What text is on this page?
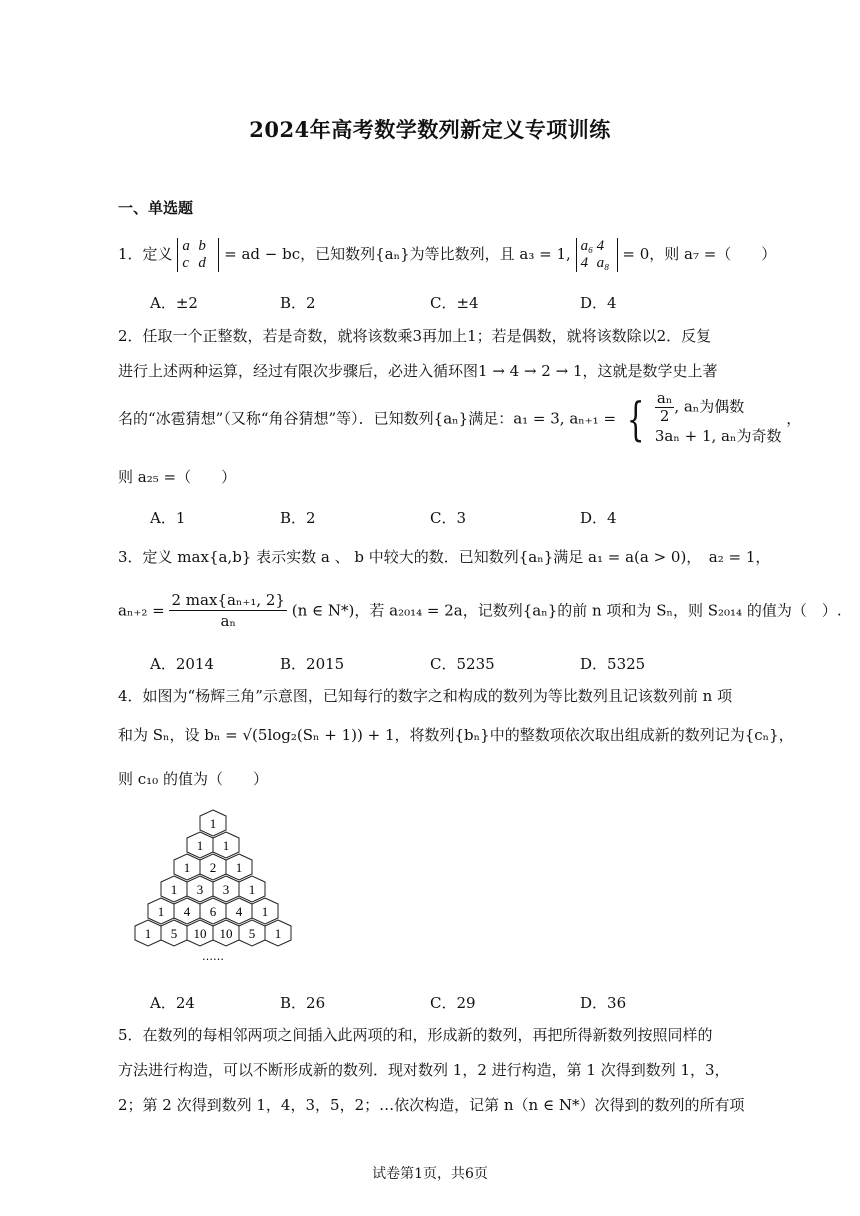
2024年高考数学数列新定义专项训练
一、单选题
1．定义 a b
c d = ad − bc，已知数列{aₙ}为等比数列，且 a₃ = 1, a₆ 4
4 a₈ = 0，则 a₇ =（　　）
A．±2	B．2	C．±4	D．4
2．任取一个正整数，若是奇数，就将该数乘3再加上1；若是偶数，就将该数除以2．反复
进行上述两种运算，经过有限次步骤后，必进入循环图1 → 4 → 2 → 1，这就是数学史上著
名的“冰雹猜想”（又称“角谷猜想”等）．已知数列{aₙ}满足：a₁ = 3, aₙ₊₁ = { $\frac{\text{aₙ}}{2}$ , aₙ为偶数
3aₙ + 1, aₙ为奇数 ，
则 a₂₅ =（　　）
A．1	B．2	C．3	D．4
3．定义 max{a,b} 表示实数 a 、 b 中较大的数．已知数列{aₙ}满足 a₁ = a(a > 0)，　a₂ = 1，
$a_{n+2} = \frac{\text{2 max\{aₙ₊₁, 2\}}}{\text{aₙ}} (n$ ∈ N*)，若 a₂₀₁₄ = 2a，记数列{aₙ}的前 n 项和为 Sₙ，则 S₂₀₁₄ 的值为（　）.
A．2014	B．2015	C．5235	D．5325
4．如图为“杨辉三角”示意图，已知每行的数字之和构成的数列为等比数列且记该数列前 n 项
和为 Sₙ，设 bₙ = √(5log₂(Sₙ + 1)) + 1，将数列{bₙ}中的整数项依次取出组成新的数列记为{cₙ}，
则 c₁₀ 的值为（　　）
1
1 1
1 2 1
1 3 3 1
1 4 6 4 1
1 5 10 10 5 1
……
A．24	B．26	C．29	D．36
5．在数列的每相邻两项之间插入此两项的和，形成新的数列，再把所得新数列按照同样的
方法进行构造，可以不断形成新的数列．现对数列 1，2 进行构造，第 1 次得到数列 1，3，
2；第 2 次得到数列 1，4，3，5，2；…依次构造，记第 n（n ∈ N*）次得到的数列的所有项
试卷第1页，共6页
